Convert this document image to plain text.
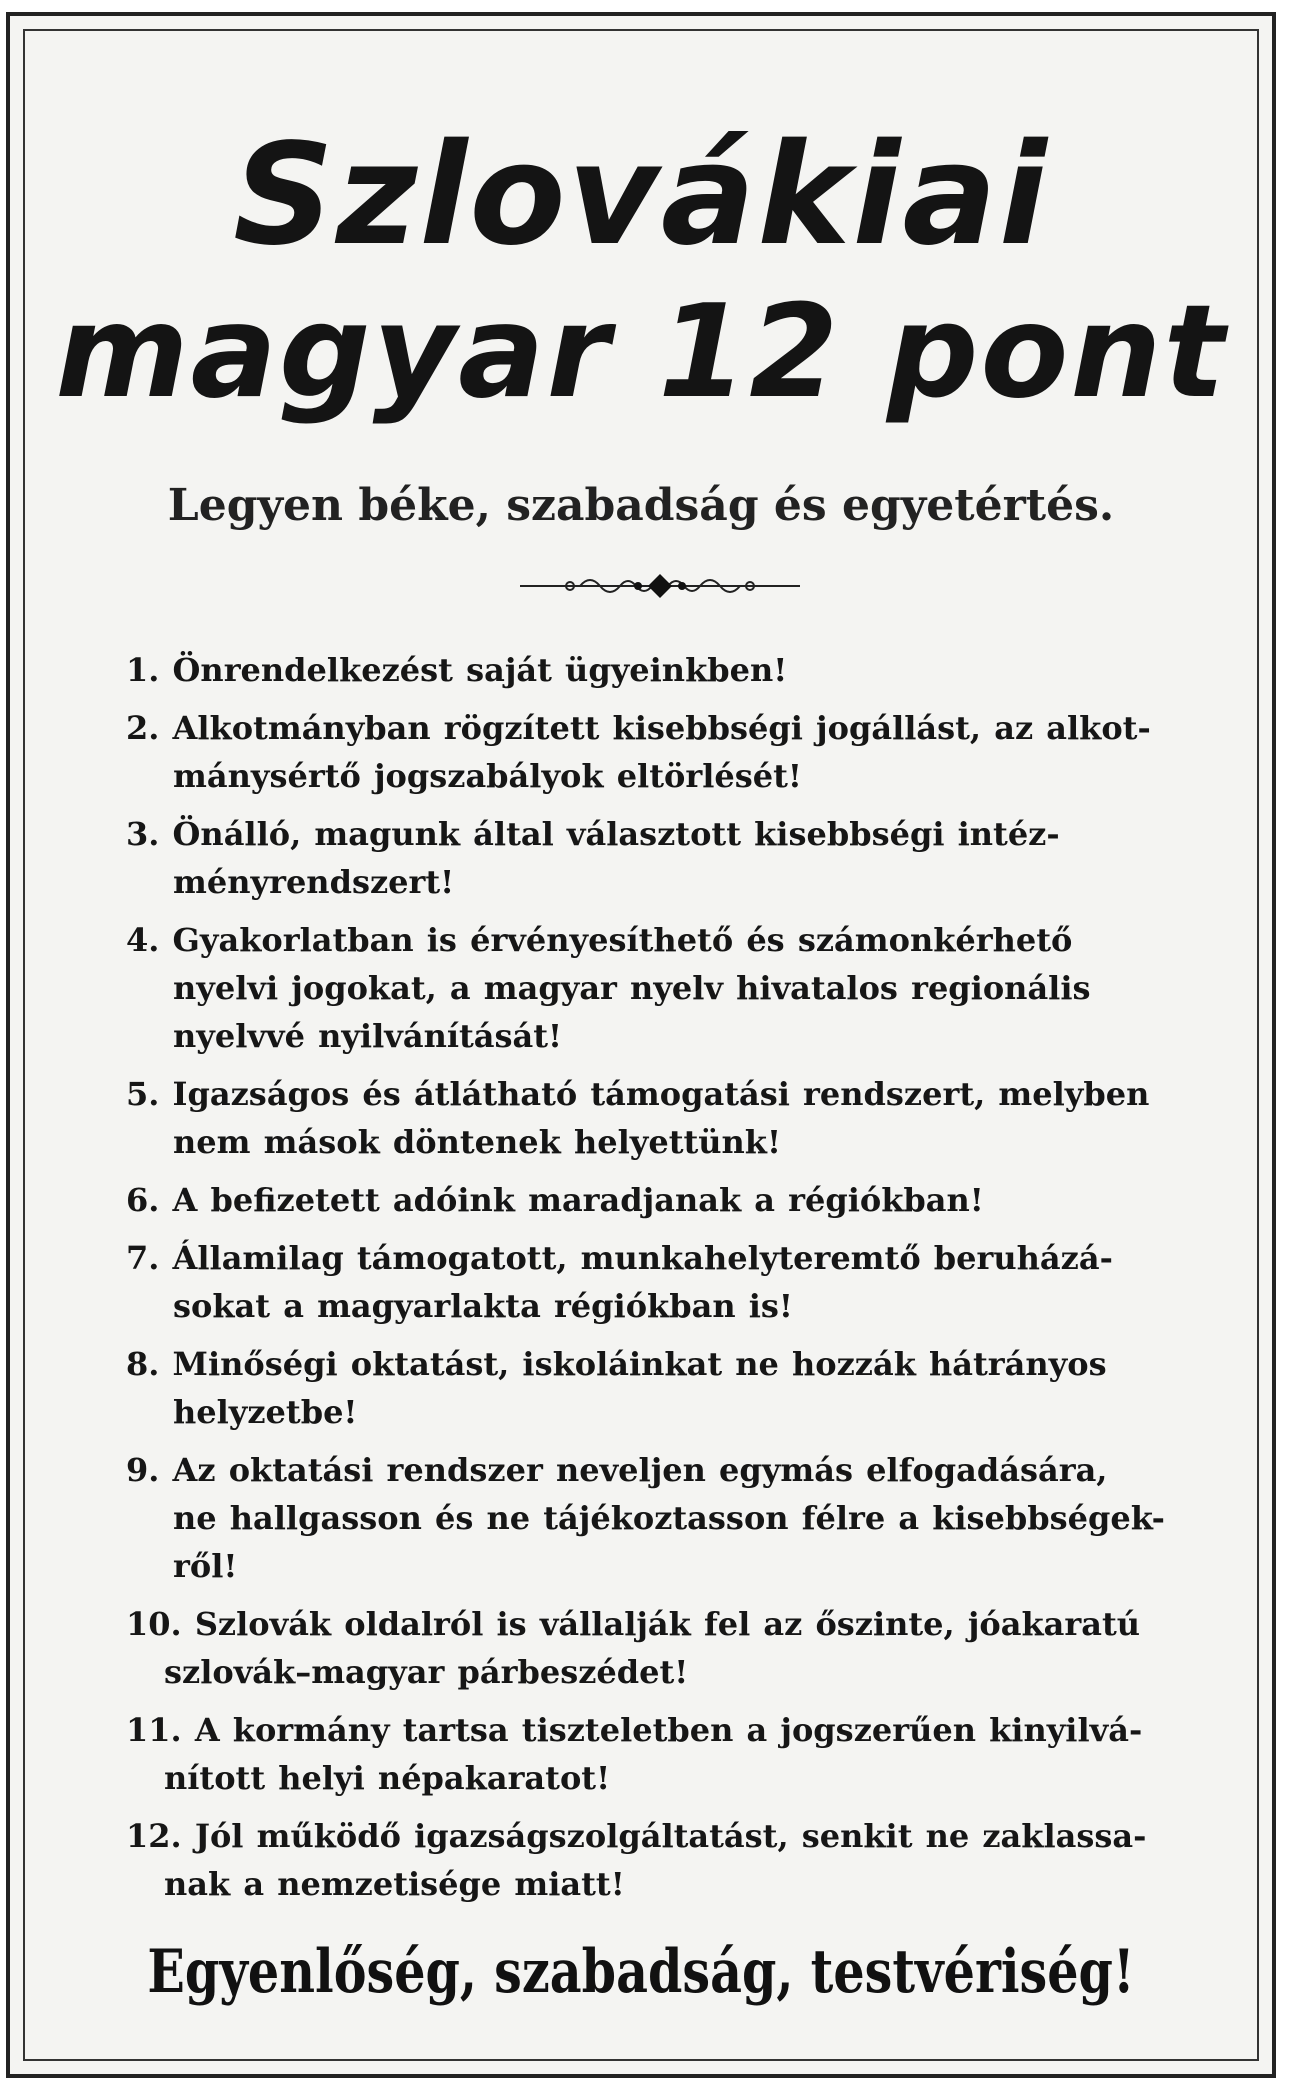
Szlovákiai
magyar 12 pont
Legyen béke, szabadság és egyetértés.
1. Önrendelkezést saját ügyeinkben!
2. Alkotmányban rögzített kisebbségi jogállást, az alkot-
mánysértő jogszabályok eltörlését!
3. Önálló, magunk által választott kisebbségi intéz-
ményrendszert!
4. Gyakorlatban is érvényesíthető és számonkérhető
nyelvi jogokat, a magyar nyelv hivatalos regionális
nyelvvé nyilvánítását!
5. Igazságos és átlátható támogatási rendszert, melyben
nem mások döntenek helyettünk!
6. A befizetett adóink maradjanak a régiókban!
7. Államilag támogatott, munkahelyteremtő beruházá-
sokat a magyarlakta régiókban is!
8. Minőségi oktatást, iskoláinkat ne hozzák hátrányos
helyzetbe!
9. Az oktatási rendszer neveljen egymás elfogadására,
ne hallgasson és ne tájékoztasson félre a kisebbségek-
ről!
10. Szlovák oldalról is vállalják fel az őszinte, jóakaratú
szlovák–magyar párbeszédet!
11. A kormány tartsa tiszteletben a jogszerűen kinyilvá-
nított helyi népakaratot!
12. Jól működő igazságszolgáltatást, senkit ne zaklassa-
nak a nemzetisége miatt!
Egyenlőség, szabadság, testvériség!
